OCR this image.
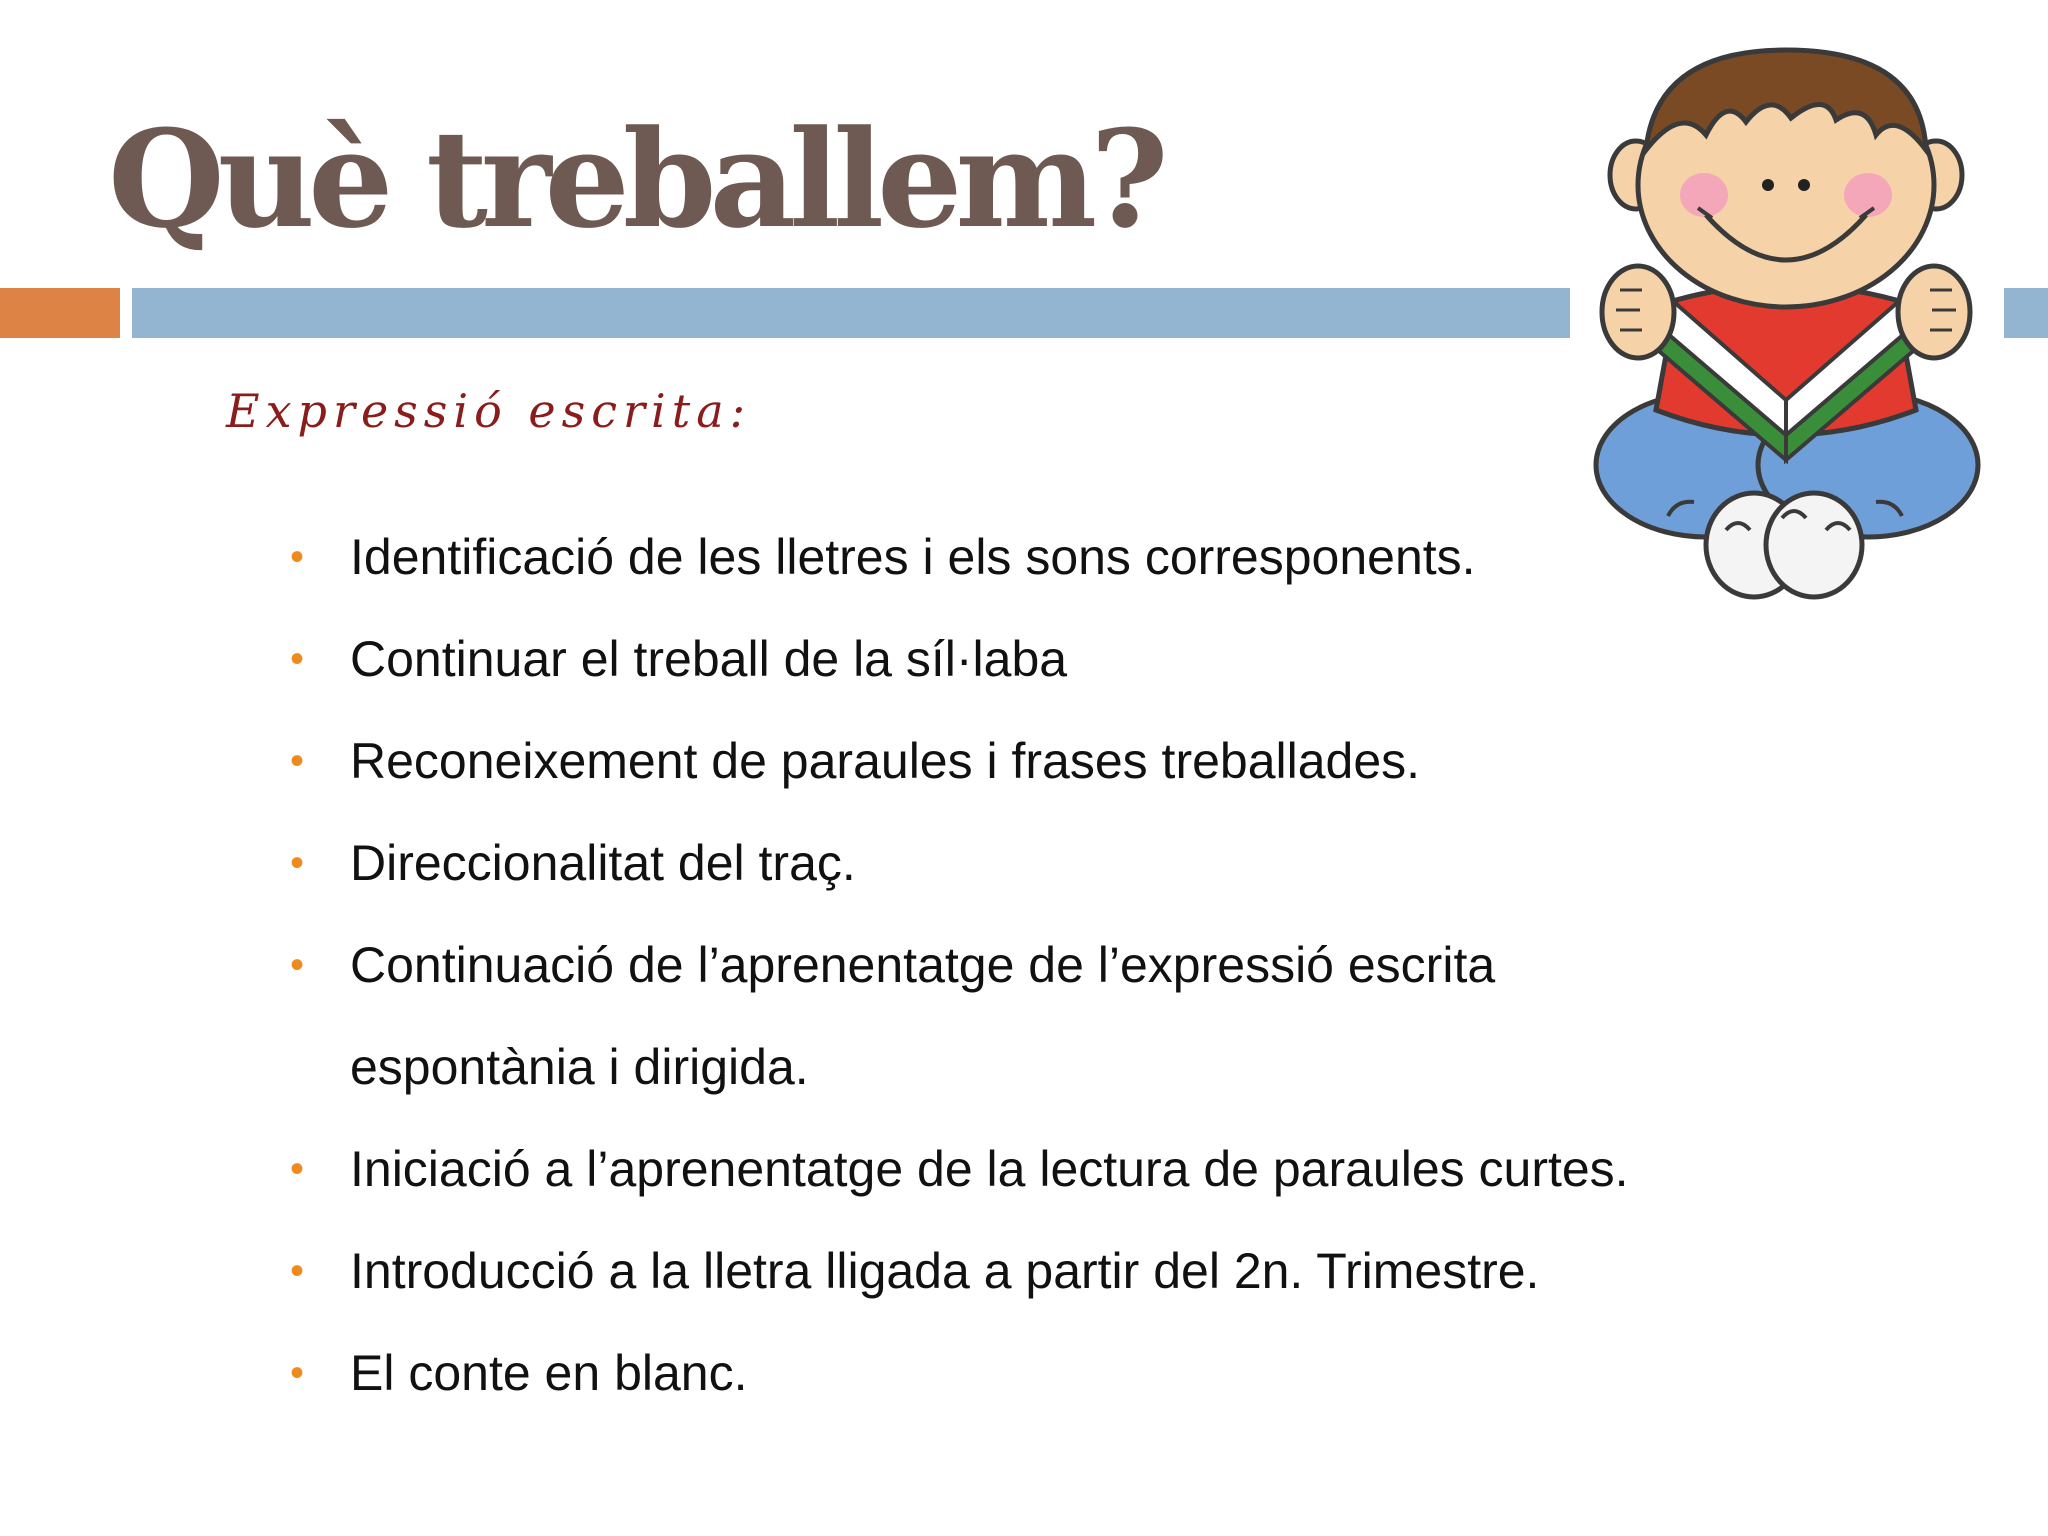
Què treballem?

Expressió escrita:

• Identificació de les lletres i els sons corresponents.
• Continuar el treball de la síl·laba
• Reconeixement de paraules i frases treballades.
• Direccionalitat del traç.
• Continuació de l’aprenentatge de l’expressió escrita
espontània i dirigida.
• Iniciació a l’aprenentatge de la lectura de paraules curtes.
• Introducció a la lletra lligada a partir del 2n. Trimestre.
• El conte en blanc.
